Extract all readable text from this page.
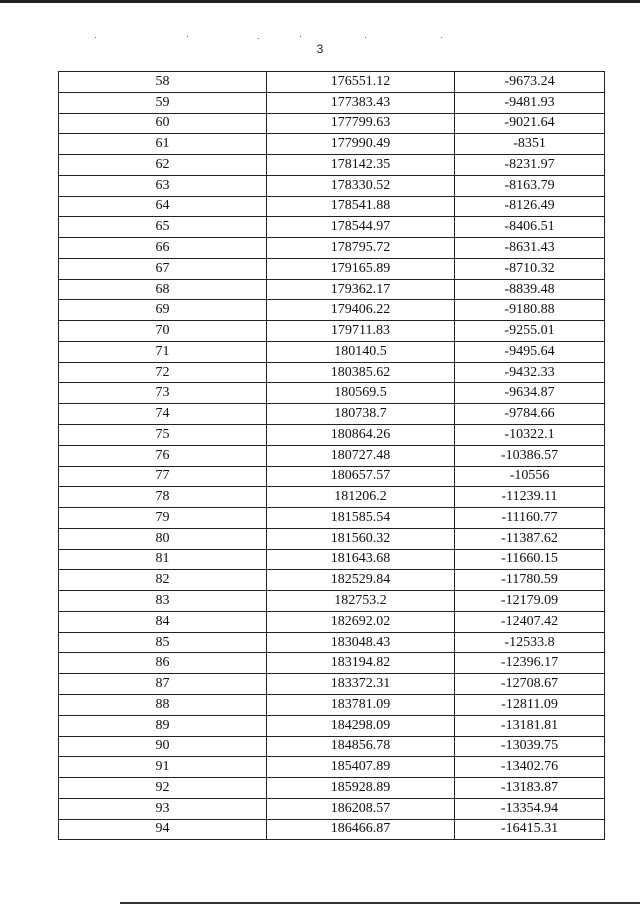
3
58	176551.12	-9673.24
59	177383.43	-9481.93
60	177799.63	-9021.64
61	177990.49	-8351
62	178142.35	-8231.97
63	178330.52	-8163.79
64	178541.88	-8126.49
65	178544.97	-8406.51
66	178795.72	-8631.43
67	179165.89	-8710.32
68	179362.17	-8839.48
69	179406.22	-9180.88
70	179711.83	-9255.01
71	180140.5	-9495.64
72	180385.62	-9432.33
73	180569.5	-9634.87
74	180738.7	-9784.66
75	180864.26	-10322.1
76	180727.48	-10386.57
77	180657.57	-10556
78	181206.2	-11239.11
79	181585.54	-11160.77
80	181560.32	-11387.62
81	181643.68	-11660.15
82	182529.84	-11780.59
83	182753.2	-12179.09
84	182692.02	-12407.42
85	183048.43	-12533.8
86	183194.82	-12396.17
87	183372.31	-12708.67
88	183781.09	-12811.09
89	184298.09	-13181.81
90	184856.78	-13039.75
91	185407.89	-13402.76
92	185928.89	-13183.87
93	186208.57	-13354.94
94	186466.87	-16415.31
